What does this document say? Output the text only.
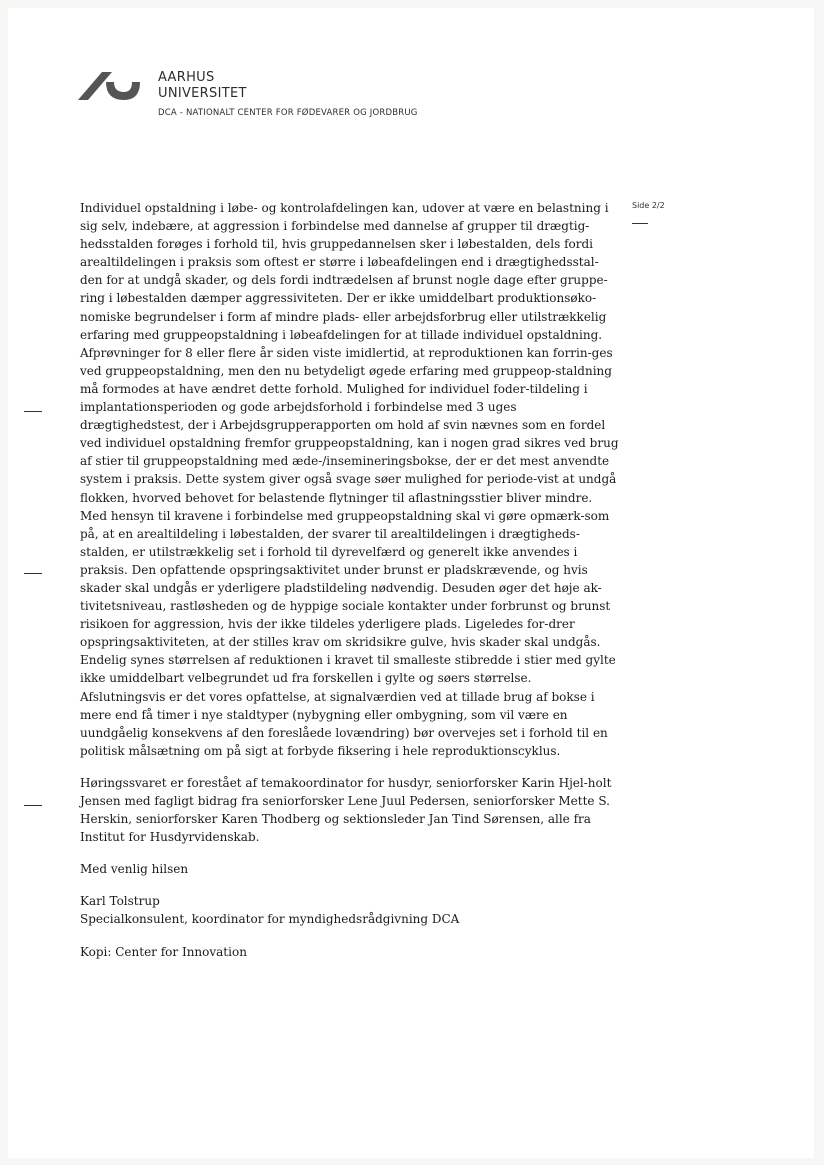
AARHUS
UNIVERSITET
DCA - NATIONALT CENTER FOR FØDEVARER OG JORDBRUG
Side 2/2

Individuel opstaldning i løbe- og kontrolafdelingen kan, udover at være en belastning i sig selv, indebære, at aggression i forbindelse med dannelse af grupper til drægtig-hedsstalden forøges i forhold til, hvis gruppedannelsen sker i løbestalden, dels fordi arealtildelingen i praksis som oftest er større i løbeafdelingen end i drægtighedsstal-den for at undgå skader, og dels fordi indtrædelsen af brunst nogle dage efter gruppe-ring i løbestalden dæmper aggressiviteten. Der er ikke umiddelbart produktionsøko-nomiske begrundelser i form af mindre plads- eller arbejdsforbrug eller utilstrækkelig erfaring med gruppeopstaldning i løbeafdelingen for at tillade individuel opstaldning. Afprøvninger for 8 eller flere år siden viste imidlertid, at reproduktionen kan forrin-ges ved gruppeopstaldning, men den nu betydeligt øgede erfaring med gruppeop-staldning må formodes at have ændret dette forhold. Mulighed for individuel foder-tildeling i implantationsperioden og gode arbejdsforhold i forbindelse med 3 uges drægtighedstest, der i Arbejdsgrupperapporten om hold af svin nævnes som en fordel ved individuel opstaldning fremfor gruppeopstaldning, kan i nogen grad sikres ved brug af stier til gruppeopstaldning med æde-/insemineringsbokse, der er det mest anvendte system i praksis. Dette system giver også svage søer mulighed for periode-vist at undgå flokken, hvorved behovet for belastende flytninger til aflastningsstier bliver mindre.

Med hensyn til kravene i forbindelse med gruppeopstaldning skal vi gøre opmærk-som på, at en arealtildeling i løbestalden, der svarer til arealtildelingen i drægtigheds-stalden, er utilstrækkelig set i forhold til dyrevelfærd og generelt ikke anvendes i praksis. Den opfattende opspringsaktivitet under brunst er pladskrævende, og hvis skader skal undgås er yderligere pladstildeling nødvendig. Desuden øger det høje ak-tivitetsniveau, rastløsheden og de hyppige sociale kontakter under forbrunst og brunst risikoen for aggression, hvis der ikke tildeles yderligere plads. Ligeledes for-drer opspringsaktiviteten, at der stilles krav om skridsikre gulve, hvis skader skal undgås. Endelig synes størrelsen af reduktionen i kravet til smalleste stibredde i stier med gylte ikke umiddelbart velbegrundet ud fra forskellen i gylte og søers størrelse.

Afslutningsvis er det vores opfattelse, at signalværdien ved at tillade brug af bokse i mere end få timer i nye staldtyper (nybygning eller ombygning, som vil være en uundgåelig konsekvens af den foreslåede lovændring) bør overvejes set i forhold til en politisk målsætning om på sigt at forbyde fiksering i hele reproduktionscyklus.

Høringssvaret er forestået af temakoordinator for husdyr, seniorforsker Karin Hjel-holt Jensen med fagligt bidrag fra seniorforsker Lene Juul Pedersen, seniorforsker Mette S. Herskin, seniorforsker Karen Thodberg og sektionsleder Jan Tind Sørensen, alle fra Institut for Husdyrvidenskab.

Med venlig hilsen

Karl Tolstrup

Specialkonsulent, koordinator for myndighedsrådgivning DCA

Kopi: Center for Innovation
